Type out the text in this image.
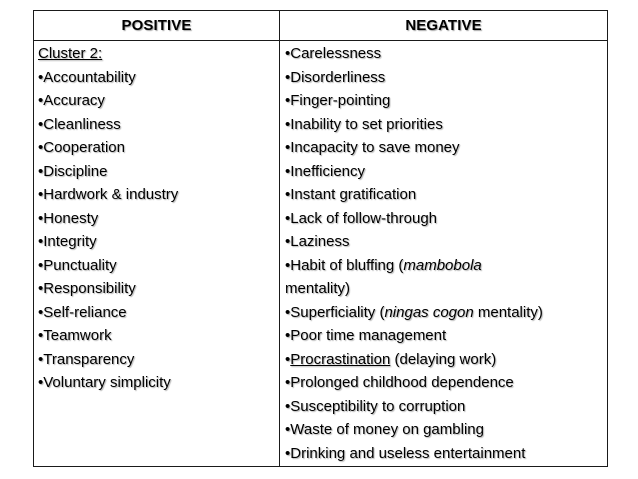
POSITIVE	NEGATIVE
Cluster 2:
•Accountability
•Accuracy
•Cleanliness
•Cooperation
•Discipline
•Hardwork & industry
•Honesty
•Integrity
•Punctuality
•Responsibility
•Self-reliance
•Teamwork
•Transparency
•Voluntary simplicity
•Carelessness
•Disorderliness
•Finger-pointing
•Inability to set priorities
•Incapacity to save money
•Inefficiency
•Instant gratification
•Lack of follow-through
•Laziness
•Habit of bluffing (mambobola
mentality)
•Superficiality (ningas cogon mentality)
•Poor time management
•Procrastination (delaying work)
•Prolonged childhood dependence
•Susceptibility to corruption
•Waste of money on gambling
•Drinking and useless entertainment
